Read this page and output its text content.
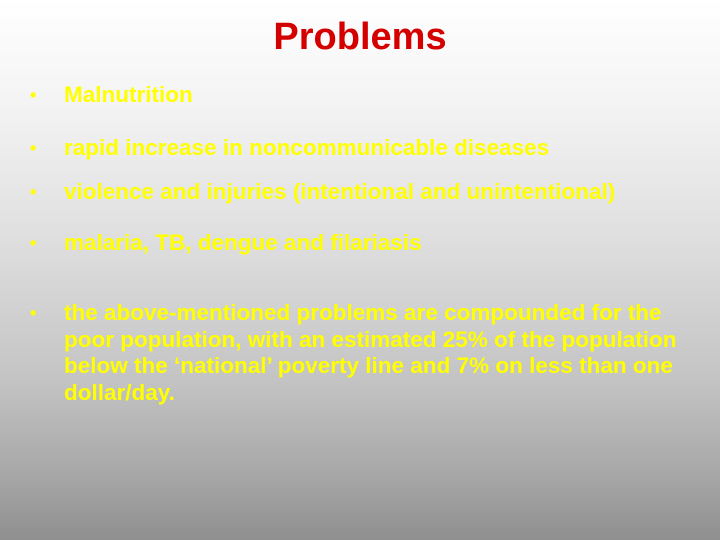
Problems
• Malnutrition
• rapid increase in noncommunicable diseases
• violence and injuries (intentional and unintentional)
• malaria, TB, dengue and filariasis
• the above-mentioned problems are compounded for the poor population, with an estimated 25% of the population below the ‘national’ poverty line and 7% on less than one dollar/day.
